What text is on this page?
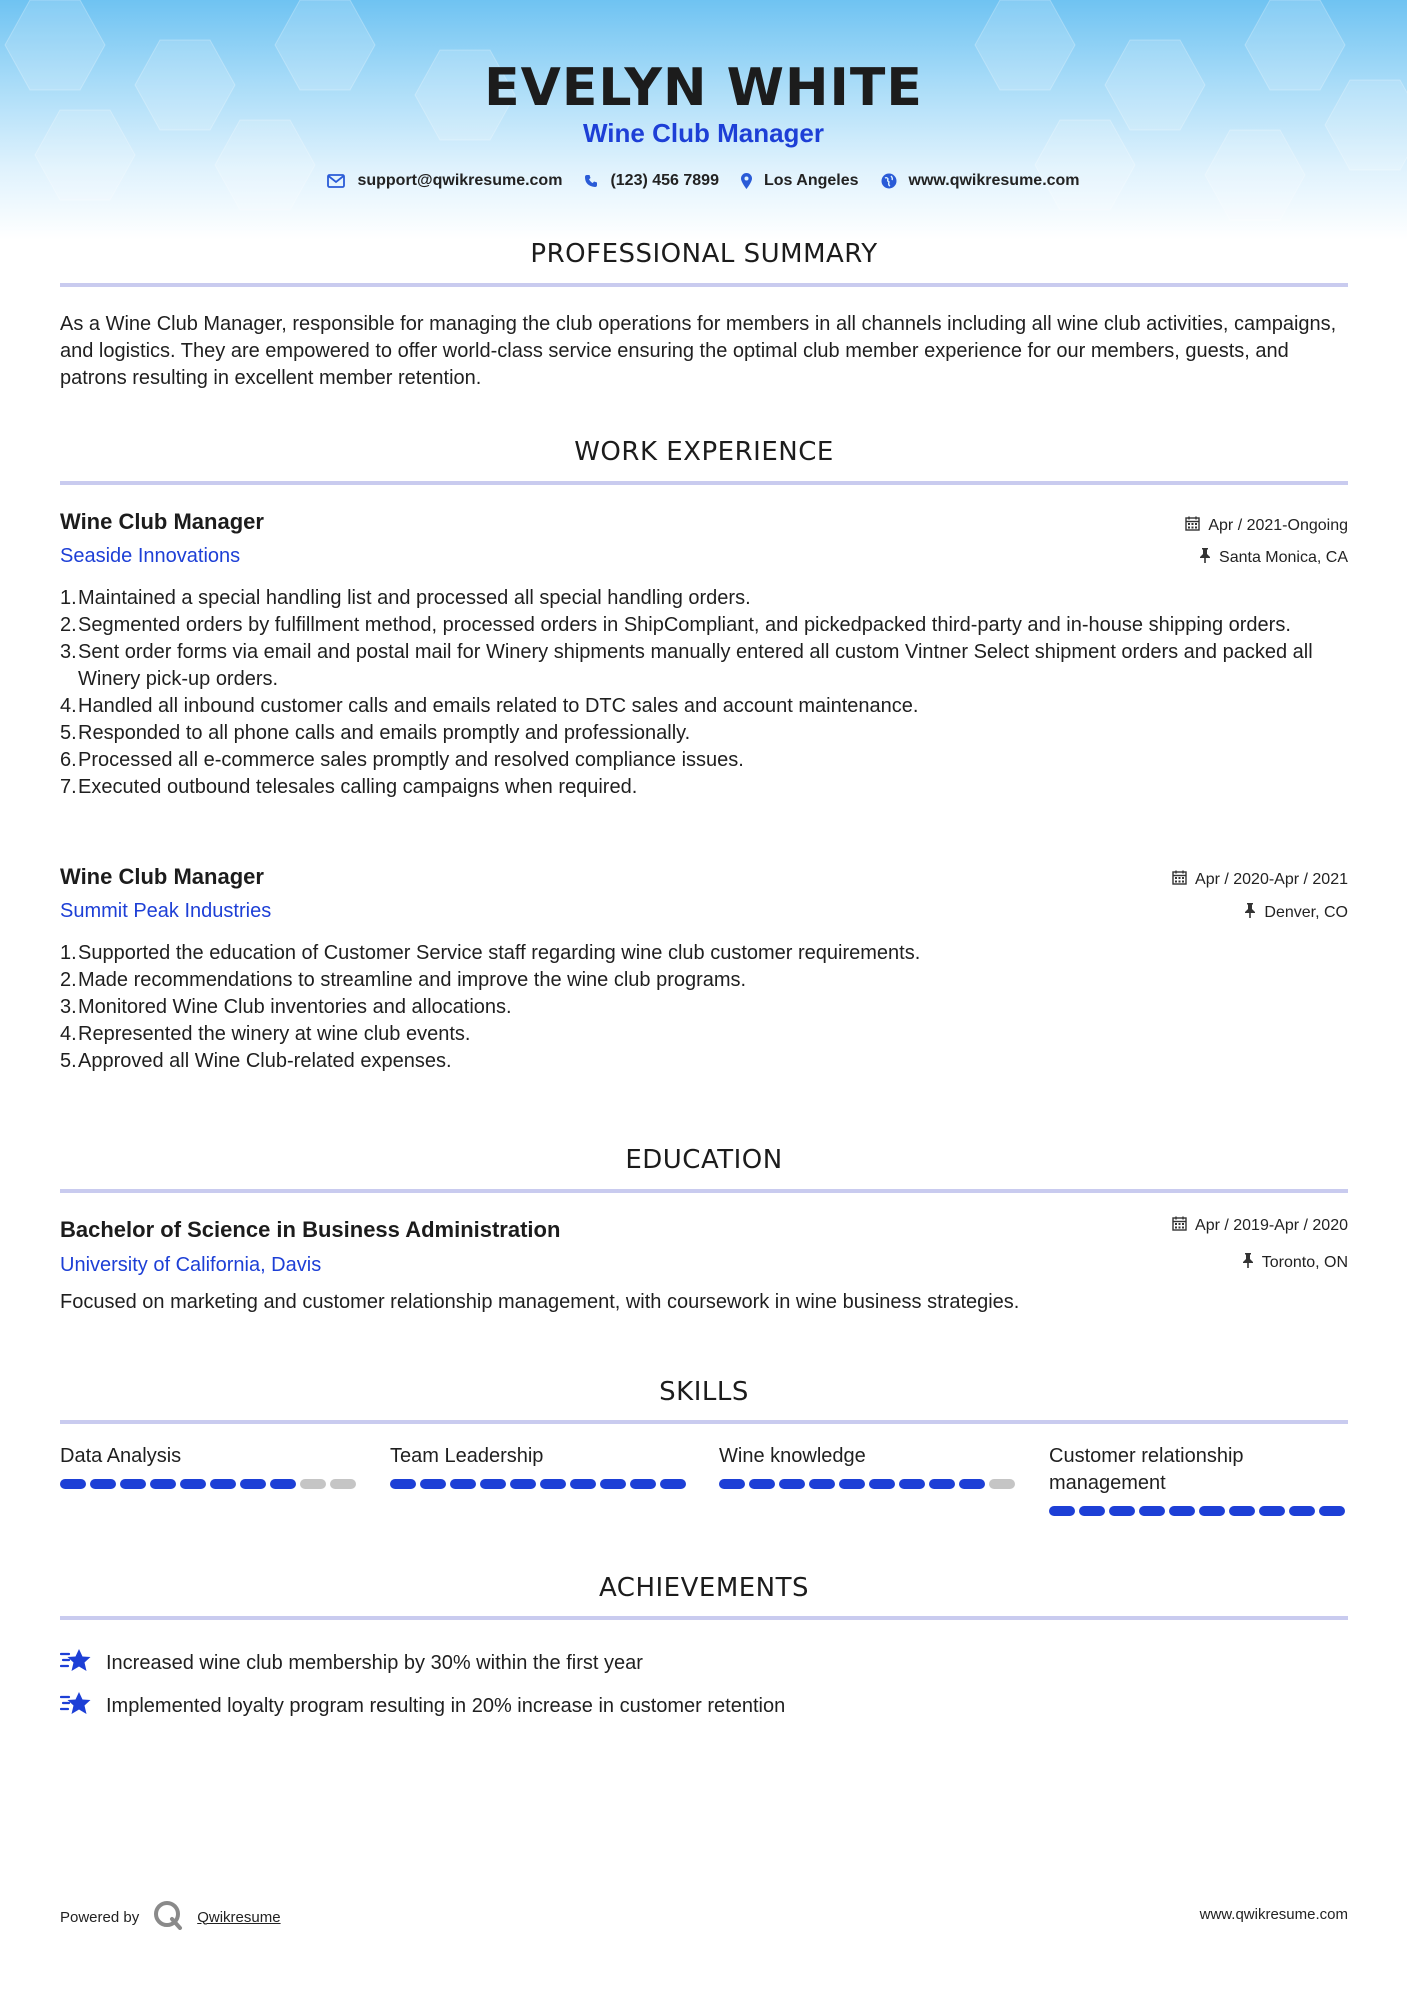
EVELYN WHITE
Wine Club Manager
support@qwikresume.com	(123) 456 7899	Los Angeles	www.qwikresume.com
PROFESSIONAL SUMMARY
As a Wine Club Manager, responsible for managing the club operations for members in all channels including all wine club activities, campaigns, and logistics. They are empowered to offer world-class service ensuring the optimal club member experience for our members, guests, and patrons resulting in excellent member retention.
WORK EXPERIENCE
Wine Club Manager
Seaside Innovations
Apr / 2021-Ongoing
Santa Monica, CA
1. Maintained a special handling list and processed all special handling orders.
2. Segmented orders by fulfillment method, processed orders in ShipCompliant, and pickedpacked third-party and in-house shipping orders.
3. Sent order forms via email and postal mail for Winery shipments manually entered all custom Vintner Select shipment orders and packed all Winery pick-up orders.
4. Handled all inbound customer calls and emails related to DTC sales and account maintenance.
5. Responded to all phone calls and emails promptly and professionally.
6. Processed all e-commerce sales promptly and resolved compliance issues.
7. Executed outbound telesales calling campaigns when required.
Wine Club Manager
Summit Peak Industries
Apr / 2020-Apr / 2021
Denver, CO
1. Supported the education of Customer Service staff regarding wine club customer requirements.
2. Made recommendations to streamline and improve the wine club programs.
3. Monitored Wine Club inventories and allocations.
4. Represented the winery at wine club events.
5. Approved all Wine Club-related expenses.
EDUCATION
Bachelor of Science in Business Administration
University of California, Davis
Apr / 2019-Apr / 2020
Toronto, ON
Focused on marketing and customer relationship management, with coursework in wine business strategies.
SKILLS
Data Analysis	Team Leadership	Wine knowledge	Customer relationship management
ACHIEVEMENTS
Increased wine club membership by 30% within the first year
Implemented loyalty program resulting in 20% increase in customer retention
Powered by	Qwikresume	www.qwikresume.com
